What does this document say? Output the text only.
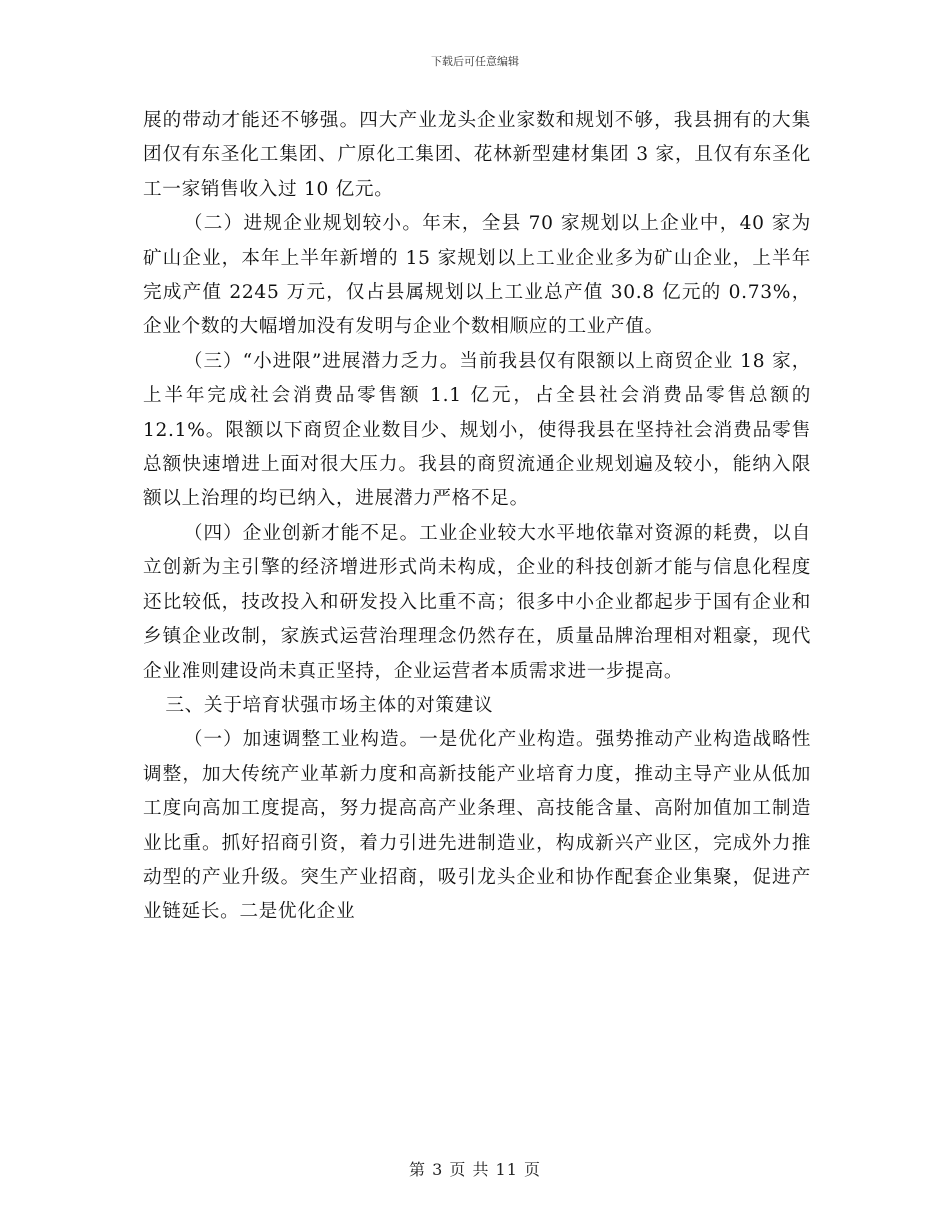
下载后可任意编辑

展的带动才能还不够强。四大产业龙头企业家数和规划不够，我县拥有的大集团仅有东圣化工集团、广原化工集团、花林新型建材集团 3 家，且仅有东圣化工一家销售收入过 10 亿元。

（二）进规企业规划较小。年末，全县 70 家规划以上企业中，40 家为矿山企业，本年上半年新增的 15 家规划以上工业企业多为矿山企业，上半年完成产值 2245 万元，仅占县属规划以上工业总产值 30.8 亿元的 0.73%，企业个数的大幅增加没有发明与企业个数相顺应的工业产值。

（三）“小进限”进展潜力乏力。当前我县仅有限额以上商贸企业 18 家，上半年完成社会消费品零售额 1.1 亿元，占全县社会消费品零售总额的 12.1%。限额以下商贸企业数目少、规划小，使得我县在坚持社会消费品零售总额快速增进上面对很大压力。我县的商贸流通企业规划遍及较小，能纳入限额以上治理的均已纳入，进展潜力严格不足。

（四）企业创新才能不足。工业企业较大水平地依靠对资源的耗费，以自立创新为主引擎的经济增进形式尚未构成，企业的科技创新才能与信息化程度还比较低，技改投入和研发投入比重不高；很多中小企业都起步于国有企业和乡镇企业改制，家族式运营治理理念仍然存在，质量品牌治理相对粗豪，现代企业准则建设尚未真正坚持，企业运营者本质需求进一步提高。

三、关于培育状强市场主体的对策建议

（一）加速调整工业构造。一是优化产业构造。强势推动产业构造战略性调整，加大传统产业革新力度和高新技能产业培育力度，推动主导产业从低加工度向高加工度提高，努力提高高产业条理、高技能含量、高附加值加工制造业比重。抓好招商引资，着力引进先进制造业，构成新兴产业区，完成外力推动型的产业升级。突生产业招商，吸引龙头企业和协作配套企业集聚，促进产业链延长。二是优化企业

第 3 页 共 11 页
